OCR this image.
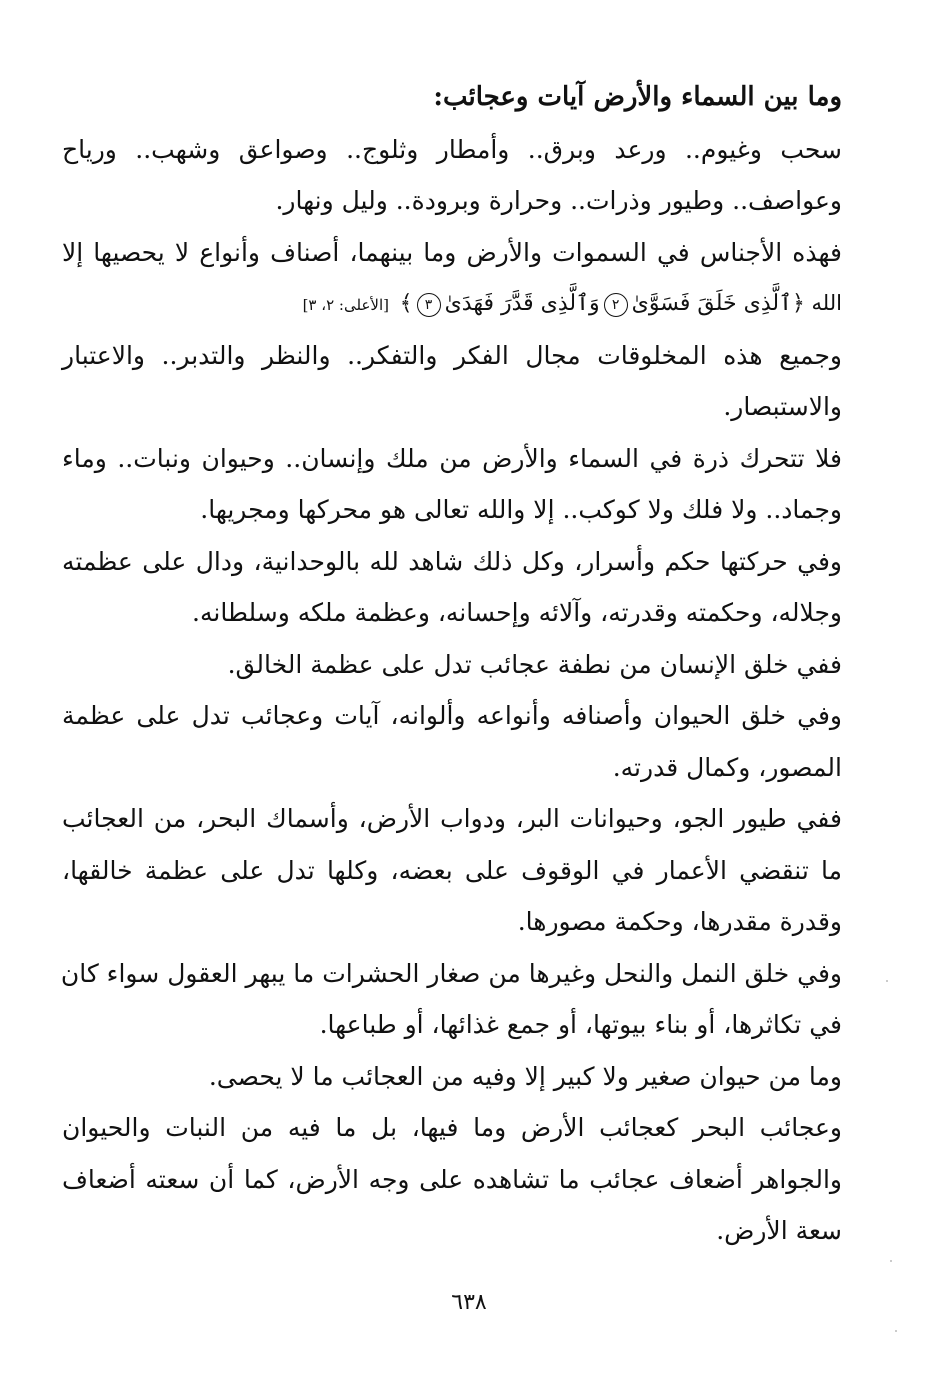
وما بين السماء والأرض آيات وعجائب:
سحب وغيوم.. ورعد وبرق.. وأمطار وثلوج.. وصواعق وشهب.. ورياح
وعواصف.. وطيور وذرات.. وحرارة وبرودة.. وليل ونهار.
فهذه الأجناس في السموات والأرض وما بينهما، أصناف وأنواع لا يحصيها إلا
الله ﴿ٱلَّذِى خَلَقَ فَسَوَّىٰ٢وَٱلَّذِى قَدَّرَ فَهَدَىٰ٣﴾ [الأعلى: ٢، ٣]
وجميع هذه المخلوقات مجال الفكر والتفكر.. والنظر والتدبر.. والاعتبار
والاستبصار.
فلا تتحرك ذرة في السماء والأرض من ملك وإنسان.. وحيوان ونبات.. وماء
وجماد.. ولا فلك ولا كوكب.. إلا والله تعالى هو محركها ومجريها.
وفي حركتها حكم وأسرار، وكل ذلك شاهد لله بالوحدانية، ودال على عظمته
وجلاله، وحكمته وقدرته، وآلائه وإحسانه، وعظمة ملكه وسلطانه.
ففي خلق الإنسان من نطفة عجائب تدل على عظمة الخالق.
وفي خلق الحيوان وأصنافه وأنواعه وألوانه، آيات وعجائب تدل على عظمة
المصور، وكمال قدرته.
ففي طيور الجو، وحيوانات البر، ودواب الأرض، وأسماك البحر، من العجائب
ما تنقضي الأعمار في الوقوف على بعضه، وكلها تدل على عظمة خالقها،
وقدرة مقدرها، وحكمة مصورها.
وفي خلق النمل والنحل وغيرها من صغار الحشرات ما يبهر العقول سواء كان
في تكاثرها، أو بناء بيوتها، أو جمع غذائها، أو طباعها.
وما من حيوان صغير ولا كبير إلا وفيه من العجائب ما لا يحصى.
وعجائب البحر كعجائب الأرض وما فيها، بل ما فيه من النبات والحيوان
والجواهر أضعاف عجائب ما تشاهده على وجه الأرض، كما أن سعته أضعاف
سعة الأرض.
٦٣٨
